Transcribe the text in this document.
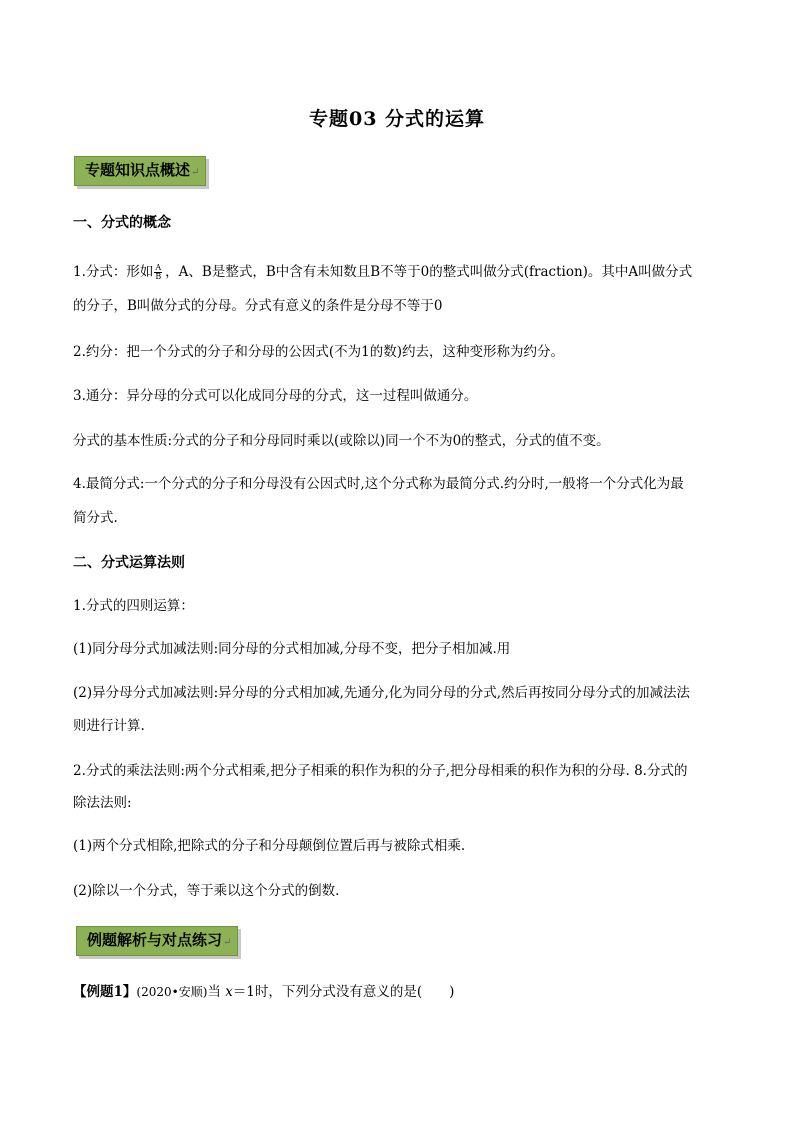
专题03 分式的运算
专题知识点概述↵
一、分式的概念
1.分式：形如 $\frac{A}{B}$ ，A、B是整式，B中含有未知数且B不等于0的整式叫做分式(fraction)。其中A叫做分式
的分子，B叫做分式的分母。分式有意义的条件是分母不等于0
2.约分：把一个分式的分子和分母的公因式(不为1的数)约去，这种变形称为约分。
3.通分：异分母的分式可以化成同分母的分式，这一过程叫做通分。
分式的基本性质:分式的分子和分母同时乘以(或除以)同一个不为0的整式，分式的值不变。
4.最简分式:一个分式的分子和分母没有公因式时,这个分式称为最简分式.约分时,一般将一个分式化为最
简分式.
二、分式运算法则
1.分式的四则运算：
(1)同分母分式加减法则:同分母的分式相加减,分母不变，把分子相加减.用
(2)异分母分式加减法则:异分母的分式相加减,先通分,化为同分母的分式,然后再按同分母分式的加减法法
则进行计算.
2.分式的乘法法则:两个分式相乘,把分子相乘的积作为积的分子,把分母相乘的积作为积的分母. 8.分式的
除法法则:
(1)两个分式相除,把除式的分子和分母颠倒位置后再与被除式相乘.
(2)除以一个分式，等于乘以这个分式的倒数.
例题解析与对点练习↵
【例题1】(2020•安顺)当 x＝1时，下列分式没有意义的是(　　)
